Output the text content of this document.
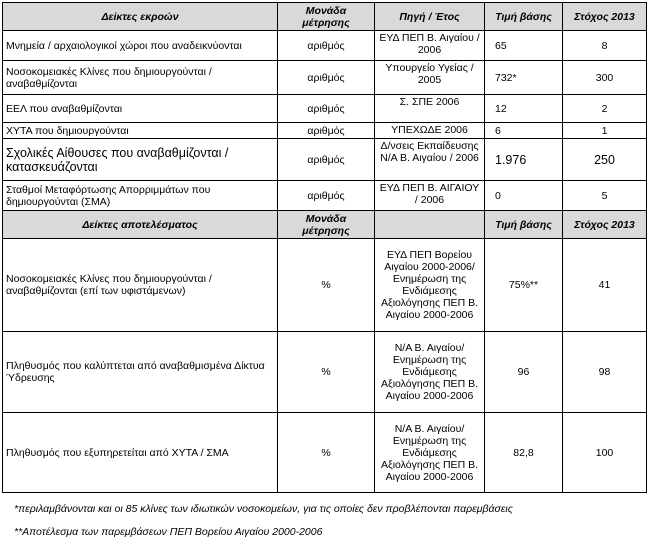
Δείκτες εκροών	Μονάδα μέτρησης	Πηγή / Έτος	Τιμή βάσης	Στόχος 2013
Μνημεία / αρχαιολογικοί χώροι που αναδεικνύονται	αριθμός	ΕΥΔ ΠΕΠ Β. Αιγαίου / 2006	65	8
Νοσοκομειακές Κλίνες που δημιουργούνται / αναβαθμίζονται	αριθμός	Υπουργείο Υγείας / 2005	732*	300
ΕΕΛ που αναβαθμίζονται	αριθμός	Σ. ΣΠΕ 2006	12	2
ΧΥΤΑ που δημιουργούνται	αριθμός	ΥΠΕΧΩΔΕ 2006	6	1
Σχολικές Αίθουσες που αναβαθμίζονται / κατασκευάζονται	αριθμός	Δ/νσεις Εκπαίδευσης Ν/Α Β. Αιγαίου / 2006	1.976	250
Σταθμοί Μεταφόρτωσης Απορριμμάτων που δημιουργούνται (ΣΜΑ)	αριθμός	ΕΥΔ ΠΕΠ Β. ΑΙΓΑΙΟΥ / 2006	0	5
Δείκτες αποτελέσματος	Μονάδα μέτρησης		Τιμή βάσης	Στόχος 2013
Νοσοκομειακές Κλίνες που δημιουργούνται / αναβαθμίζονται (επί των υφιστάμενων)	%	ΕΥΔ ΠΕΠ Βορείου Αιγαίου 2000-2006/Ενημέρωση της Ενδιάμεσης Αξιολόγησης ΠΕΠ Β. Αιγαίου 2000-2006	75%**	41
Πληθυσμός που καλύπτεται από αναβαθμισμένα Δίκτυα Ύδρευσης	%	Ν/Α Β. Αιγαίου/Ενημέρωση της Ενδιάμεσης Αξιολόγησης ΠΕΠ Β. Αιγαίου 2000-2006	96	98
Πληθυσμός που εξυπηρετείται από ΧΥΤΑ / ΣΜΑ	%	Ν/Α Β. Αιγαίου/Ενημέρωση της Ενδιάμεσης Αξιολόγησης ΠΕΠ Β. Αιγαίου 2000-2006	82,8	100
*περιλαμβάνονται και οι 85 κλίνες των ιδιωτικών νοσοκομείων, για τις οποίες δεν προβλέπονται παρεμβάσεις
**Αποτέλεσμα των παρεμβάσεων ΠΕΠ Βορείου Αιγαίου 2000-2006
